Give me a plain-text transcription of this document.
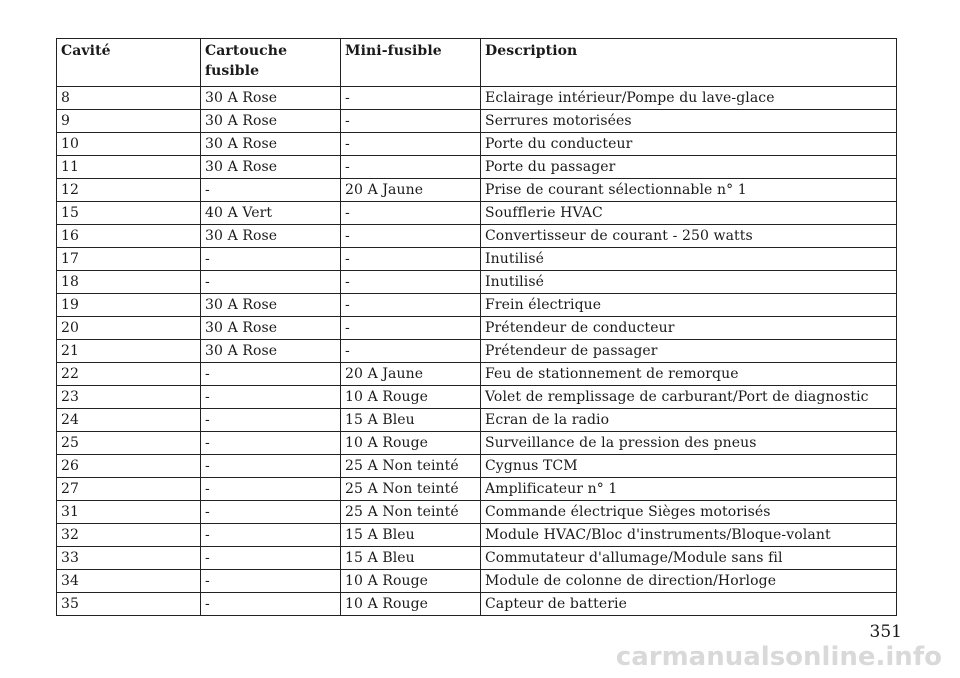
Cavité	Cartouche fusible	Mini-fusible	Description
8	30 A Rose	-	Eclairage intérieur/Pompe du lave-glace
9	30 A Rose	-	Serrures motorisées
10	30 A Rose	-	Porte du conducteur
11	30 A Rose	-	Porte du passager
12	-	20 A Jaune	Prise de courant sélectionnable n° 1
15	40 A Vert	-	Soufflerie HVAC
16	30 A Rose	-	Convertisseur de courant - 250 watts
17	-	-	Inutilisé
18	-	-	Inutilisé
19	30 A Rose	-	Frein électrique
20	30 A Rose	-	Prétendeur de conducteur
21	30 A Rose	-	Prétendeur de passager
22	-	20 A Jaune	Feu de stationnement de remorque
23	-	10 A Rouge	Volet de remplissage de carburant/Port de diagnostic
24	-	15 A Bleu	Ecran de la radio
25	-	10 A Rouge	Surveillance de la pression des pneus
26	-	25 A Non teinté	Cygnus TCM
27	-	25 A Non teinté	Amplificateur n° 1
31	-	25 A Non teinté	Commande électrique Sièges motorisés
32	-	15 A Bleu	Module HVAC/Bloc d'instruments/Bloque-volant
33	-	15 A Bleu	Commutateur d'allumage/Module sans fil
34	-	10 A Rouge	Module de colonne de direction/Horloge
35	-	10 A Rouge	Capteur de batterie
351
carmanualsonline.info
